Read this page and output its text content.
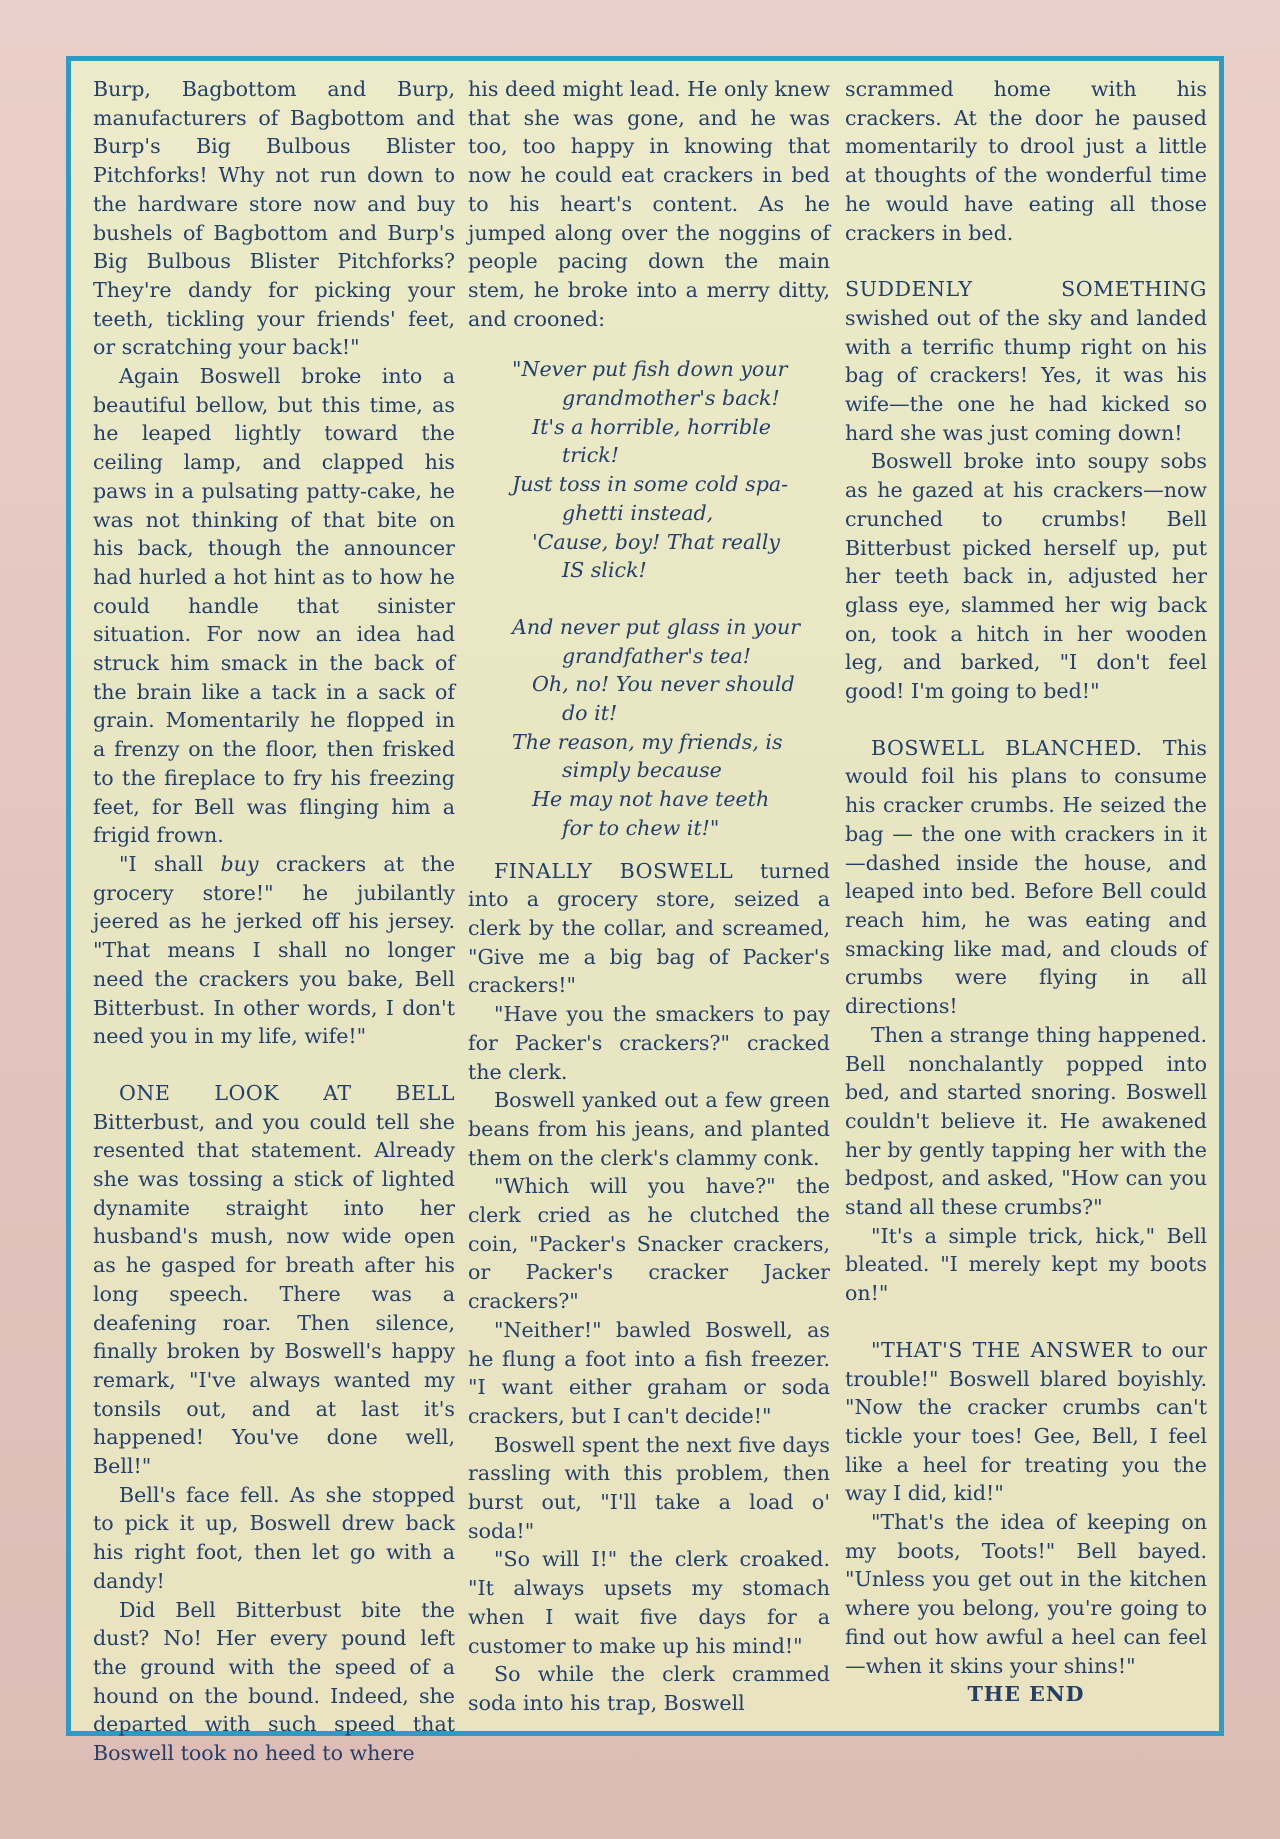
Burp, Bagbottom and Burp, manufacturers of Bagbottom and Burp's Big Bulbous Blister Pitchforks! Why not run down to the hardware store now and buy bushels of Bagbottom and Burp's Big Bulbous Blister Pitchforks? They're dandy for picking your teeth, tickling your friends' feet, or scratching your back!"

Again Boswell broke into a beautiful bellow, but this time, as he leaped lightly toward the ceiling lamp, and clapped his paws in a pulsating patty-cake, he was not thinking of that bite on his back, though the announcer had hurled a hot hint as to how he could handle that sinister situation. For now an idea had struck him smack in the back of the brain like a tack in a sack of grain. Momentarily he flopped in a frenzy on the floor, then frisked to the fireplace to fry his freezing feet, for Bell was flinging him a frigid frown.

"I shall buy crackers at the grocery store!" he jubilantly jeered as he jerked off his jersey. "That means I shall no longer need the crackers you bake, Bell Bitterbust. In other words, I don't need you in my life, wife!"

ONE LOOK AT BELL Bitterbust, and you could tell she resented that statement. Already she was tossing a stick of lighted dynamite straight into her husband's mush, now wide open as he gasped for breath after his long speech. There was a deafening roar. Then silence, finally broken by Boswell's happy remark, "I've always wanted my tonsils out, and at last it's happened! You've done well, Bell!"

Bell's face fell. As she stopped to pick it up, Boswell drew back his right foot, then let go with a dandy!

Did Bell Bitterbust bite the dust? No! Her every pound left the ground with the speed of a hound on the bound. Indeed, she departed with such speed that Boswell took no heed to where

his deed might lead. He only knew that she was gone, and he was too, too happy in knowing that now he could eat crackers in bed to his heart's content. As he jumped along over the noggins of people pacing down the main stem, he broke into a merry ditty, and crooned:

"Never put fish down your
grandmother's back!
It's a horrible, horrible
trick!
Just toss in some cold spa-
ghetti instead,
'Cause, boy! That really
IS slick!
And never put glass in your
grandfather's tea!
Oh, no! You never should
do it!
The reason, my friends, is
simply because
He may not have teeth
for to chew it!"

FINALLY BOSWELL turned into a grocery store, seized a clerk by the collar, and screamed, "Give me a big bag of Packer's crackers!"

"Have you the smackers to pay for Packer's crackers?" cracked the clerk.

Boswell yanked out a few green beans from his jeans, and planted them on the clerk's clammy conk.

"Which will you have?" the clerk cried as he clutched the coin, "Packer's Snacker crackers, or Packer's cracker Jacker crackers?"

"Neither!" bawled Boswell, as he flung a foot into a fish freezer. "I want either graham or soda crackers, but I can't decide!"

Boswell spent the next five days rassling with this problem, then burst out, "I'll take a load o' soda!"

"So will I!" the clerk croaked. "It always upsets my stomach when I wait five days for a customer to make up his mind!"

So while the clerk crammed soda into his trap, Boswell

scrammed home with his crackers. At the door he paused momentarily to drool just a little at thoughts of the wonderful time he would have eating all those crackers in bed.

SUDDENLY SOMETHING swished out of the sky and landed with a terrific thump right on his bag of crackers! Yes, it was his wife—the one he had kicked so hard she was just coming down!

Boswell broke into soupy sobs as he gazed at his crackers—now crunched to crumbs! Bell Bitterbust picked herself up, put her teeth back in, adjusted her glass eye, slammed her wig back on, took a hitch in her wooden leg, and barked, "I don't feel good! I'm going to bed!"

BOSWELL BLANCHED. This would foil his plans to consume his cracker crumbs. He seized the bag — the one with crackers in it—dashed inside the house, and leaped into bed. Before Bell could reach him, he was eating and smacking like mad, and clouds of crumbs were flying in all directions!

Then a strange thing happened. Bell nonchalantly popped into bed, and started snoring. Boswell couldn't believe it. He awakened her by gently tapping her with the bedpost, and asked, "How can you stand all these crumbs?"

"It's a simple trick, hick," Bell bleated. "I merely kept my boots on!"

"THAT'S THE ANSWER to our trouble!" Boswell blared boyishly. "Now the cracker crumbs can't tickle your toes! Gee, Bell, I feel like a heel for treating you the way I did, kid!"

"That's the idea of keeping on my boots, Toots!" Bell bayed. "Unless you get out in the kitchen where you belong, you're going to find out how awful a heel can feel —when it skins your shins!"

THE END
